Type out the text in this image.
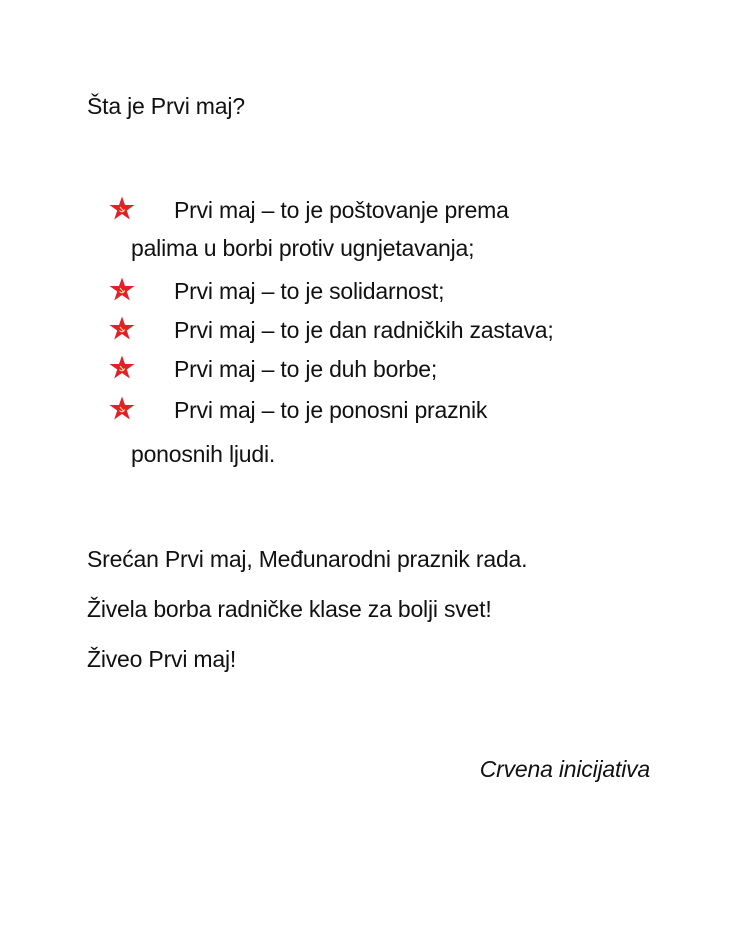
Šta je Prvi maj?
Prvi maj – to je poštovanje prema
palima u borbi protiv ugnjetavanja;
Prvi maj – to je solidarnost;
Prvi maj – to je dan radničkih zastava;
Prvi maj – to je duh borbe;
Prvi maj – to je ponosni praznik
ponosnih ljudi.
Srećan Prvi maj, Međunarodni praznik rada.
Živela borba radničke klase za bolji svet!
Živeo Prvi maj!
Crvena inicijativa
